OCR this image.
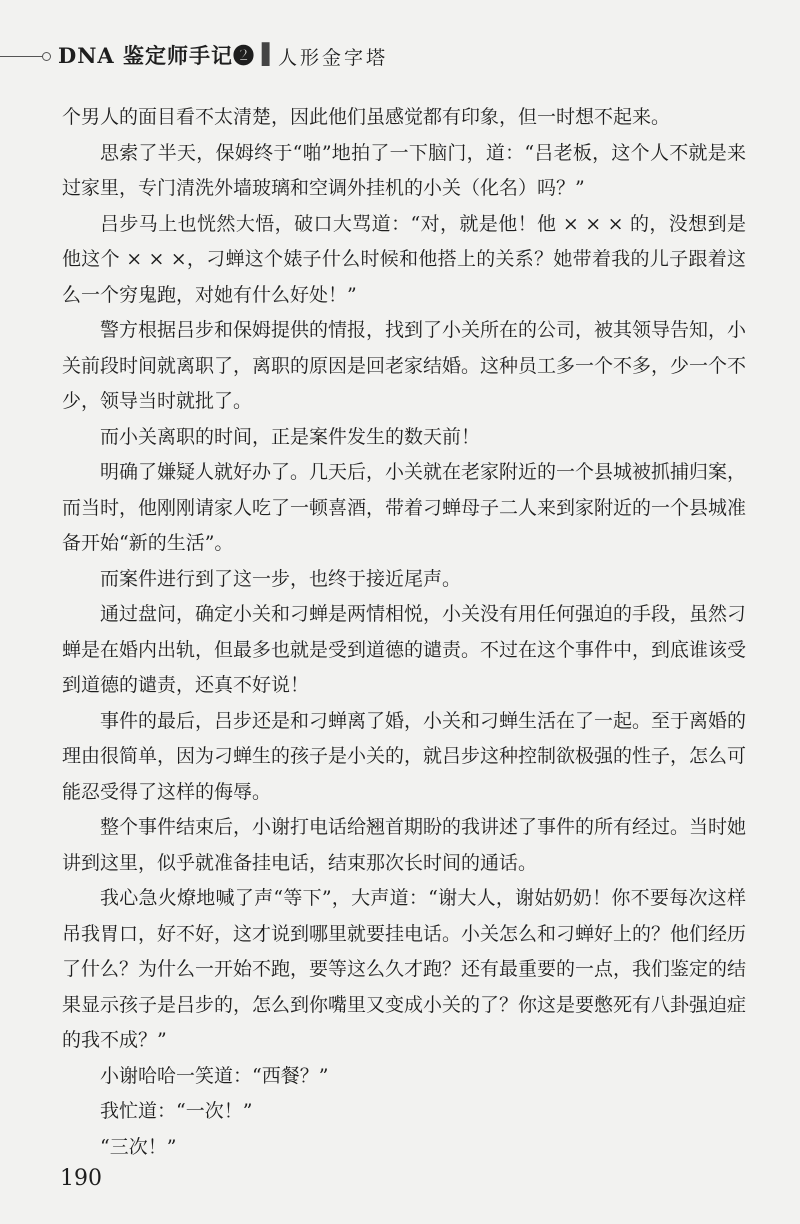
DNA 鉴定师手记❷ ▌ 人形金字塔

个男人的面目看不太清楚，因此他们虽感觉都有印象，但一时想不起来。

思索了半天，保姆终于“啪”地拍了一下脑门，道：“吕老板，这个人不就是来过家里，专门清洗外墙玻璃和空调外挂机的小关（化名）吗？”

吕步马上也恍然大悟，破口大骂道：“对，就是他！他 × × × 的，没想到是他这个 × × ×，刁蝉这个婊子什么时候和他搭上的关系？她带着我的儿子跟着这么一个穷鬼跑，对她有什么好处！”

警方根据吕步和保姆提供的情报，找到了小关所在的公司，被其领导告知，小关前段时间就离职了，离职的原因是回老家结婚。这种员工多一个不多，少一个不少，领导当时就批了。

而小关离职的时间，正是案件发生的数天前！

明确了嫌疑人就好办了。几天后，小关就在老家附近的一个县城被抓捕归案，而当时，他刚刚请家人吃了一顿喜酒，带着刁蝉母子二人来到家附近的一个县城准备开始“新的生活”。

而案件进行到了这一步，也终于接近尾声。

通过盘问，确定小关和刁蝉是两情相悦，小关没有用任何强迫的手段，虽然刁蝉是在婚内出轨，但最多也就是受到道德的谴责。不过在这个事件中，到底谁该受到道德的谴责，还真不好说！

事件的最后，吕步还是和刁蝉离了婚，小关和刁蝉生活在了一起。至于离婚的理由很简单，因为刁蝉生的孩子是小关的，就吕步这种控制欲极强的性子，怎么可能忍受得了这样的侮辱。

整个事件结束后，小谢打电话给翘首期盼的我讲述了事件的所有经过。当时她讲到这里，似乎就准备挂电话，结束那次长时间的通话。

我心急火燎地喊了声“等下”，大声道：“谢大人，谢姑奶奶！你不要每次这样吊我胃口，好不好，这才说到哪里就要挂电话。小关怎么和刁蝉好上的？他们经历了什么？为什么一开始不跑，要等这么久才跑？还有最重要的一点，我们鉴定的结果显示孩子是吕步的，怎么到你嘴里又变成小关的了？你这是要憋死有八卦强迫症的我不成？”

小谢哈哈一笑道：“西餐？”

我忙道：“一次！”

“三次！”

190
